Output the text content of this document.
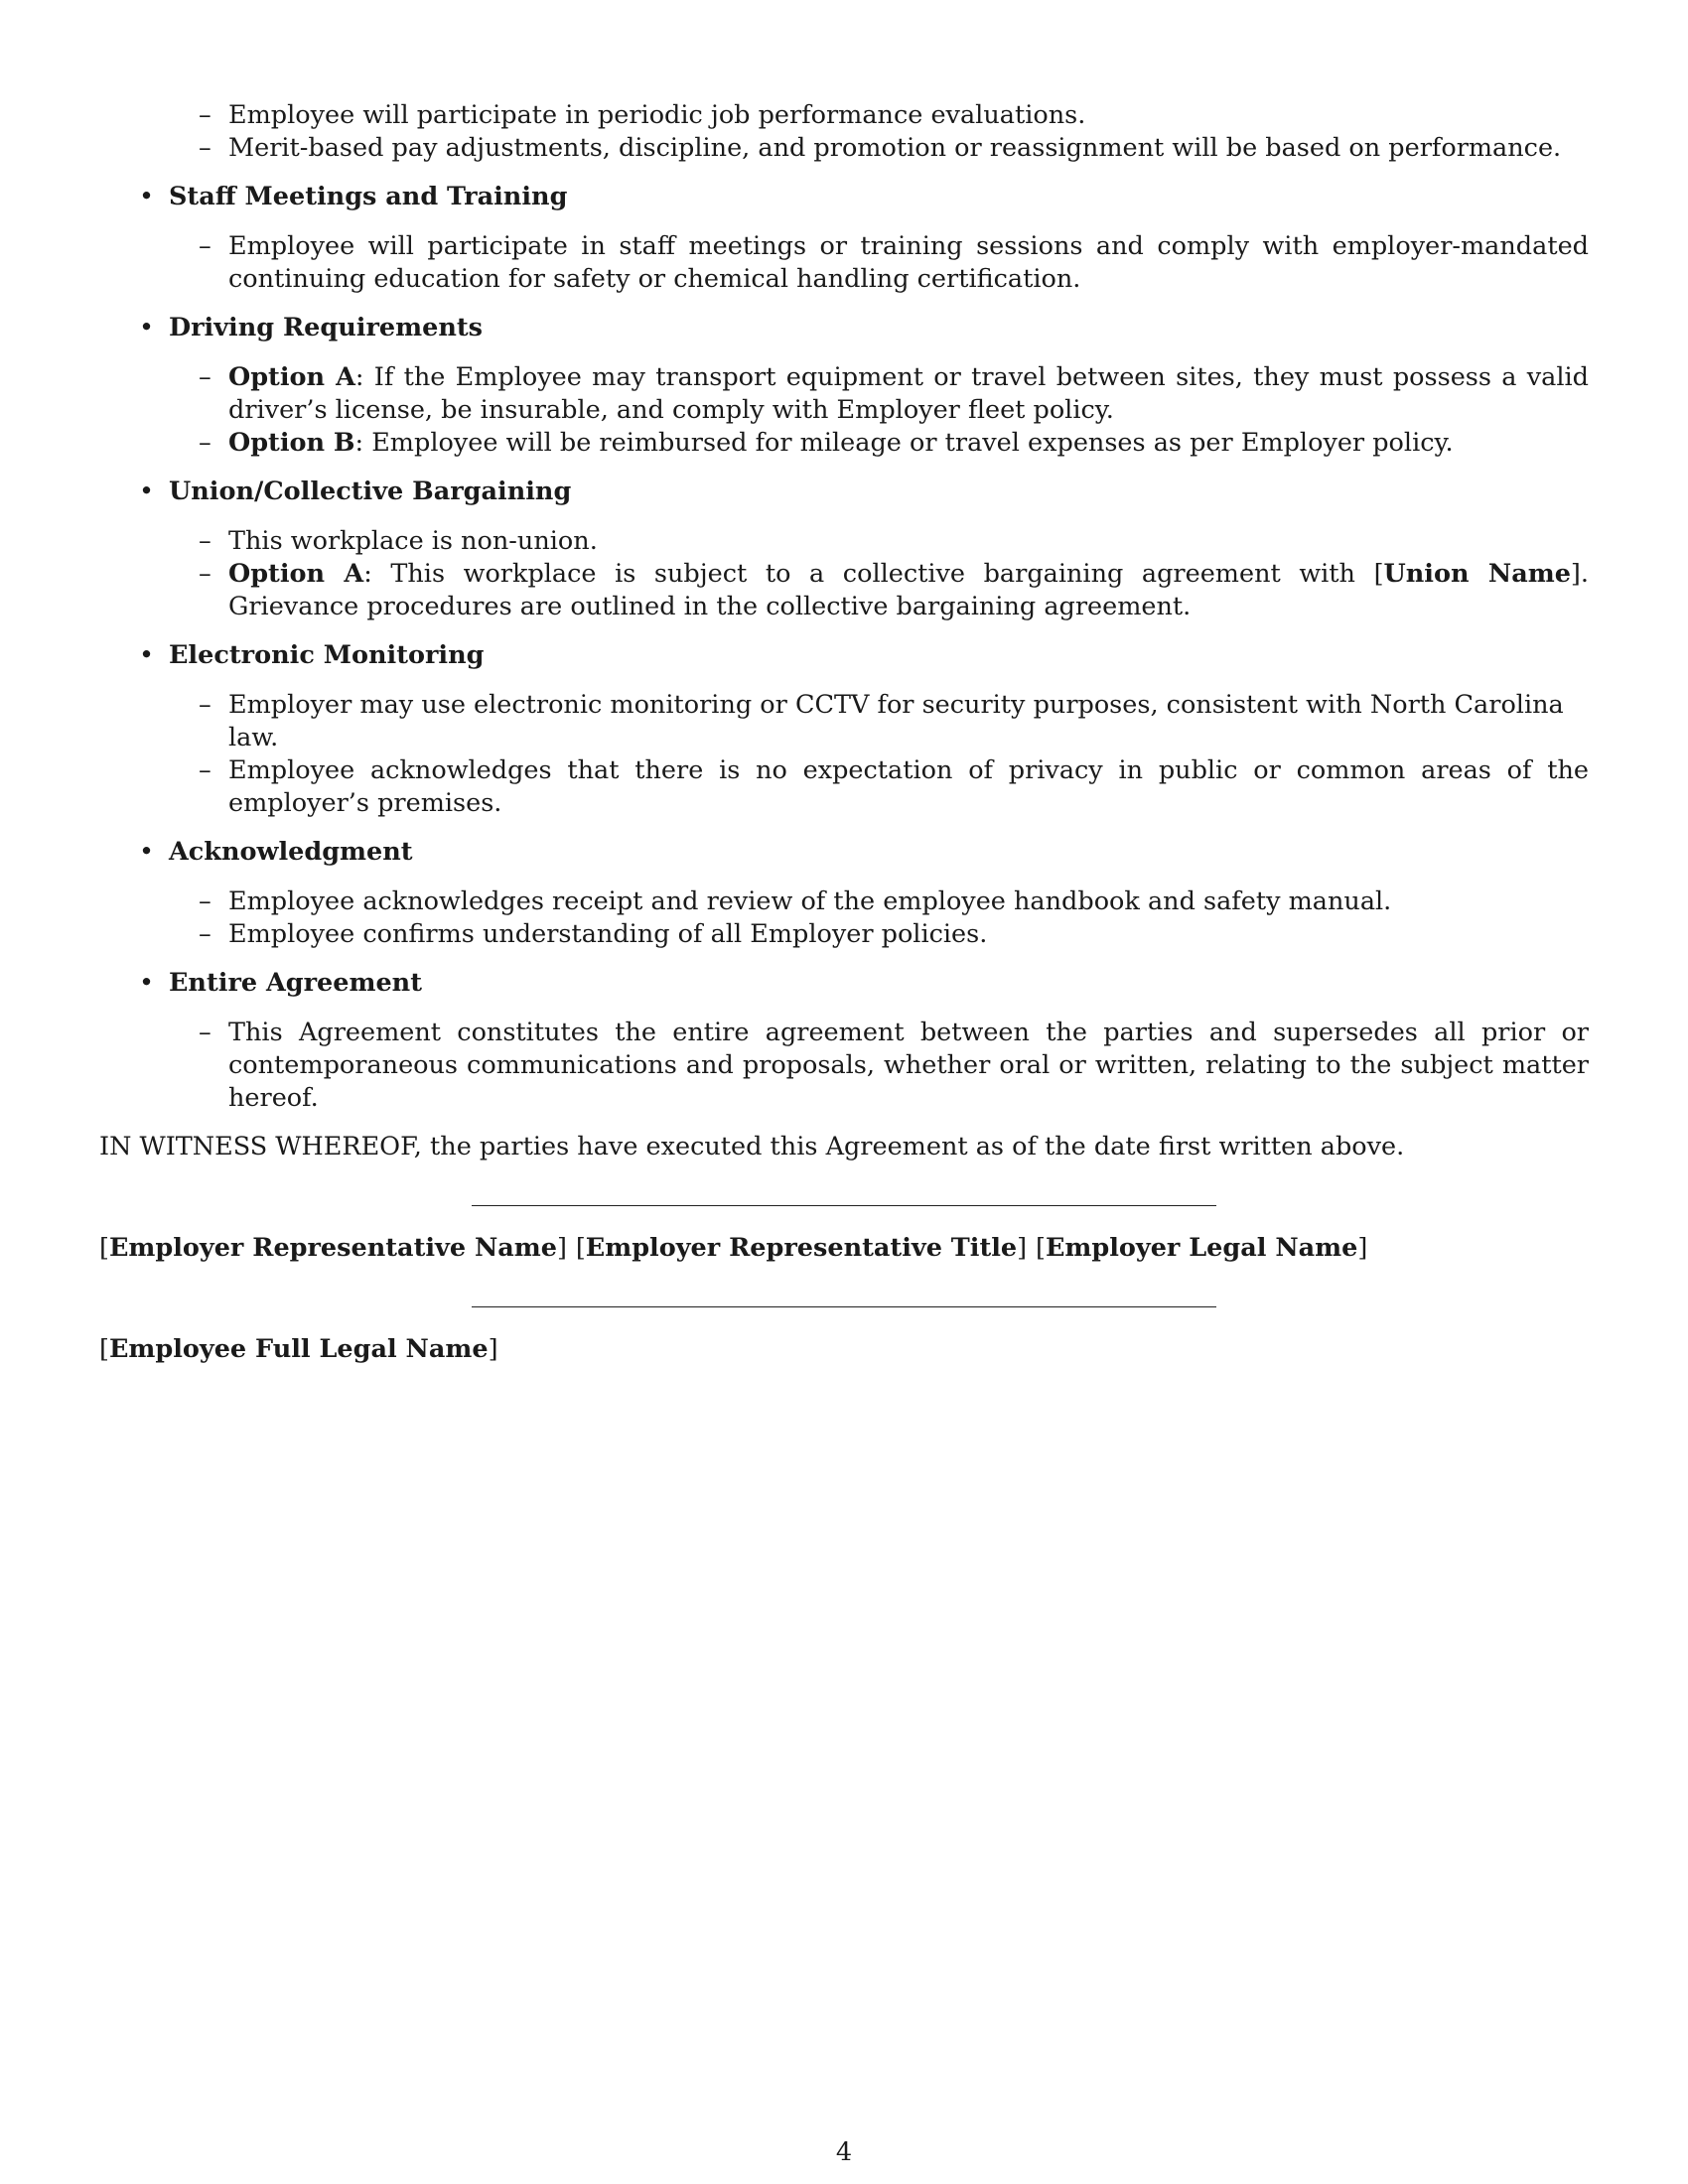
– Employee will participate in periodic job performance evaluations.
– Merit-based pay adjustments, discipline, and promotion or reassignment will be based on performance.
• Staff Meetings and Training
– Employee will participate in staff meetings or training sessions and comply with employer-mandated continuing education for safety or chemical handling certification.
• Driving Requirements
– Option A: If the Employee may transport equipment or travel between sites, they must possess a valid driver’s license, be insurable, and comply with Employer fleet policy.
– Option B: Employee will be reimbursed for mileage or travel expenses as per Employer policy.
• Union/Collective Bargaining
– This workplace is non-union.
– Option A: This workplace is subject to a collective bargaining agreement with [Union Name]. Grievance procedures are outlined in the collective bargaining agreement.
• Electronic Monitoring
– Employer may use electronic monitoring or CCTV for security purposes, consistent with North Carolina law.
– Employee acknowledges that there is no expectation of privacy in public or common areas of the employer’s premises.
• Acknowledgment
– Employee acknowledges receipt and review of the employee handbook and safety manual.
– Employee confirms understanding of all Employer policies.
• Entire Agreement
– This Agreement constitutes the entire agreement between the parties and supersedes all prior or contemporaneous communications and proposals, whether oral or written, relating to the subject matter hereof.
IN WITNESS WHEREOF, the parties have executed this Agreement as of the date first written above.
[Employer Representative Name] [Employer Representative Title] [Employer Legal Name]
[Employee Full Legal Name]
4
